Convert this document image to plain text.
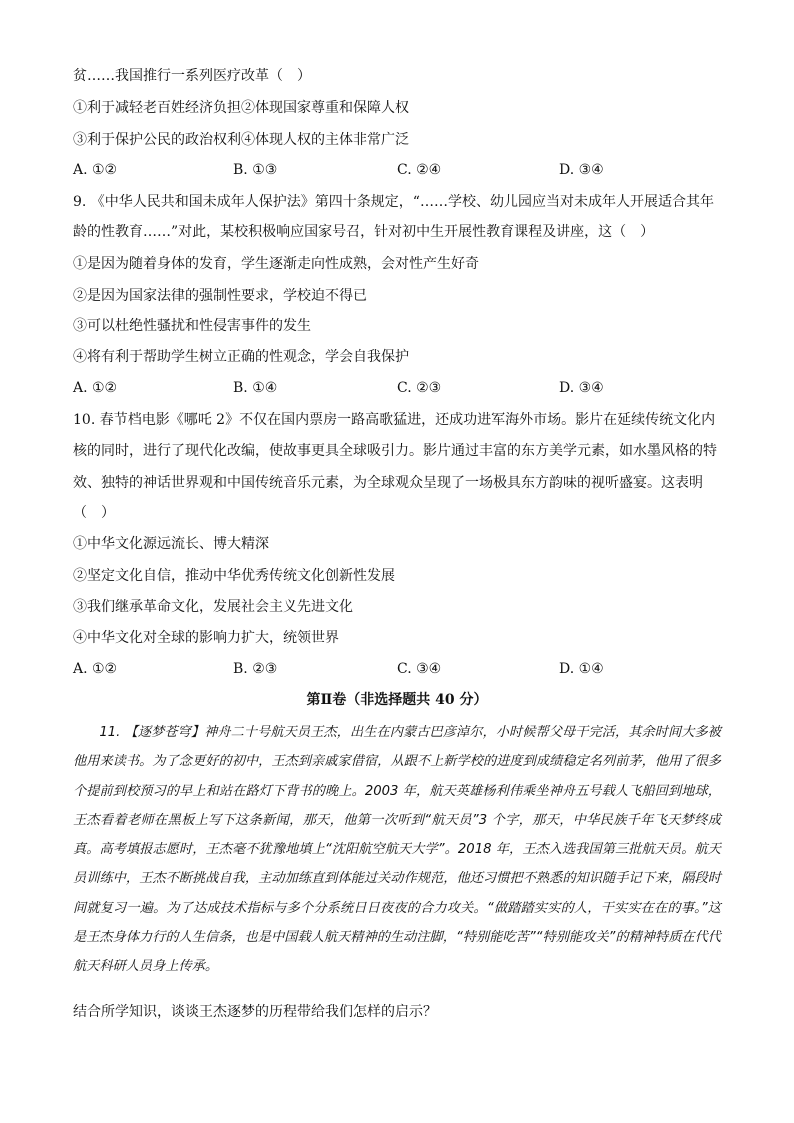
贫……我国推行一系列医疗改革（　）
①利于减轻老百姓经济负担②体现国家尊重和保障人权
③利于保护公民的政治权利④体现人权的主体非常广泛
A. ①②	B. ①③	C. ②④	D. ③④
9. 《中华人民共和国未成年人保护法》第四十条规定，“……学校、幼儿园应当对未成年人开展适合其年
龄的性教育……”对此，某校积极响应国家号召，针对初中生开展性教育课程及讲座，这（　）
①是因为随着身体的发育，学生逐渐走向性成熟，会对性产生好奇
②是因为国家法律的强制性要求，学校迫不得已
③可以杜绝性骚扰和性侵害事件的发生
④将有利于帮助学生树立正确的性观念，学会自我保护
A. ①②	B. ①④	C. ②③	D. ③④
10. 春节档电影《哪吒 2》不仅在国内票房一路高歌猛进，还成功进军海外市场。影片在延续传统文化内
核的同时，进行了现代化改编，使故事更具全球吸引力。影片通过丰富的东方美学元素，如水墨风格的特
效、独特的神话世界观和中国传统音乐元素，为全球观众呈现了一场极具东方韵味的视听盛宴。这表明
（　）
①中华文化源远流长、博大精深
②坚定文化自信，推动中华优秀传统文化创新性发展
③我们继承革命文化，发展社会主义先进文化
④中华文化对全球的影响力扩大，统领世界
A. ①②	B. ②③	C. ③④	D. ①④
第Ⅱ卷（非选择题共 40 分）
11. 【逐梦苍穹】神舟二十号航天员王杰，出生在内蒙古巴彦淖尔，小时候帮父母干完活，其余时间大多被他用来读书。为了念更好的初中，王杰到亲戚家借宿，从跟不上新学校的进度到成绩稳定名列前茅，他用了很多个提前到校预习的早上和站在路灯下背书的晚上。2003 年，航天英雄杨利伟乘坐神舟五号载人飞船回到地球，王杰看着老师在黑板上写下这条新闻，那天，他第一次听到“航天员”3 个字，那天，中华民族千年飞天梦终成真。高考填报志愿时，王杰毫不犹豫地填上“沈阳航空航天大学”。2018 年，王杰入选我国第三批航天员。航天员训练中，王杰不断挑战自我，主动加练直到体能过关动作规范，他还习惯把不熟悉的知识随手记下来，隔段时间就复习一遍。为了达成技术指标与多个分系统日日夜夜的合力攻关。“做踏踏实实的人，干实实在在的事。”这是王杰身体力行的人生信条，也是中国载人航天精神的生动注脚，“特别能吃苦”“特别能攻关”的精神特质在代代航天科研人员身上传承。
结合所学知识，谈谈王杰逐梦的历程带给我们怎样的启示？
